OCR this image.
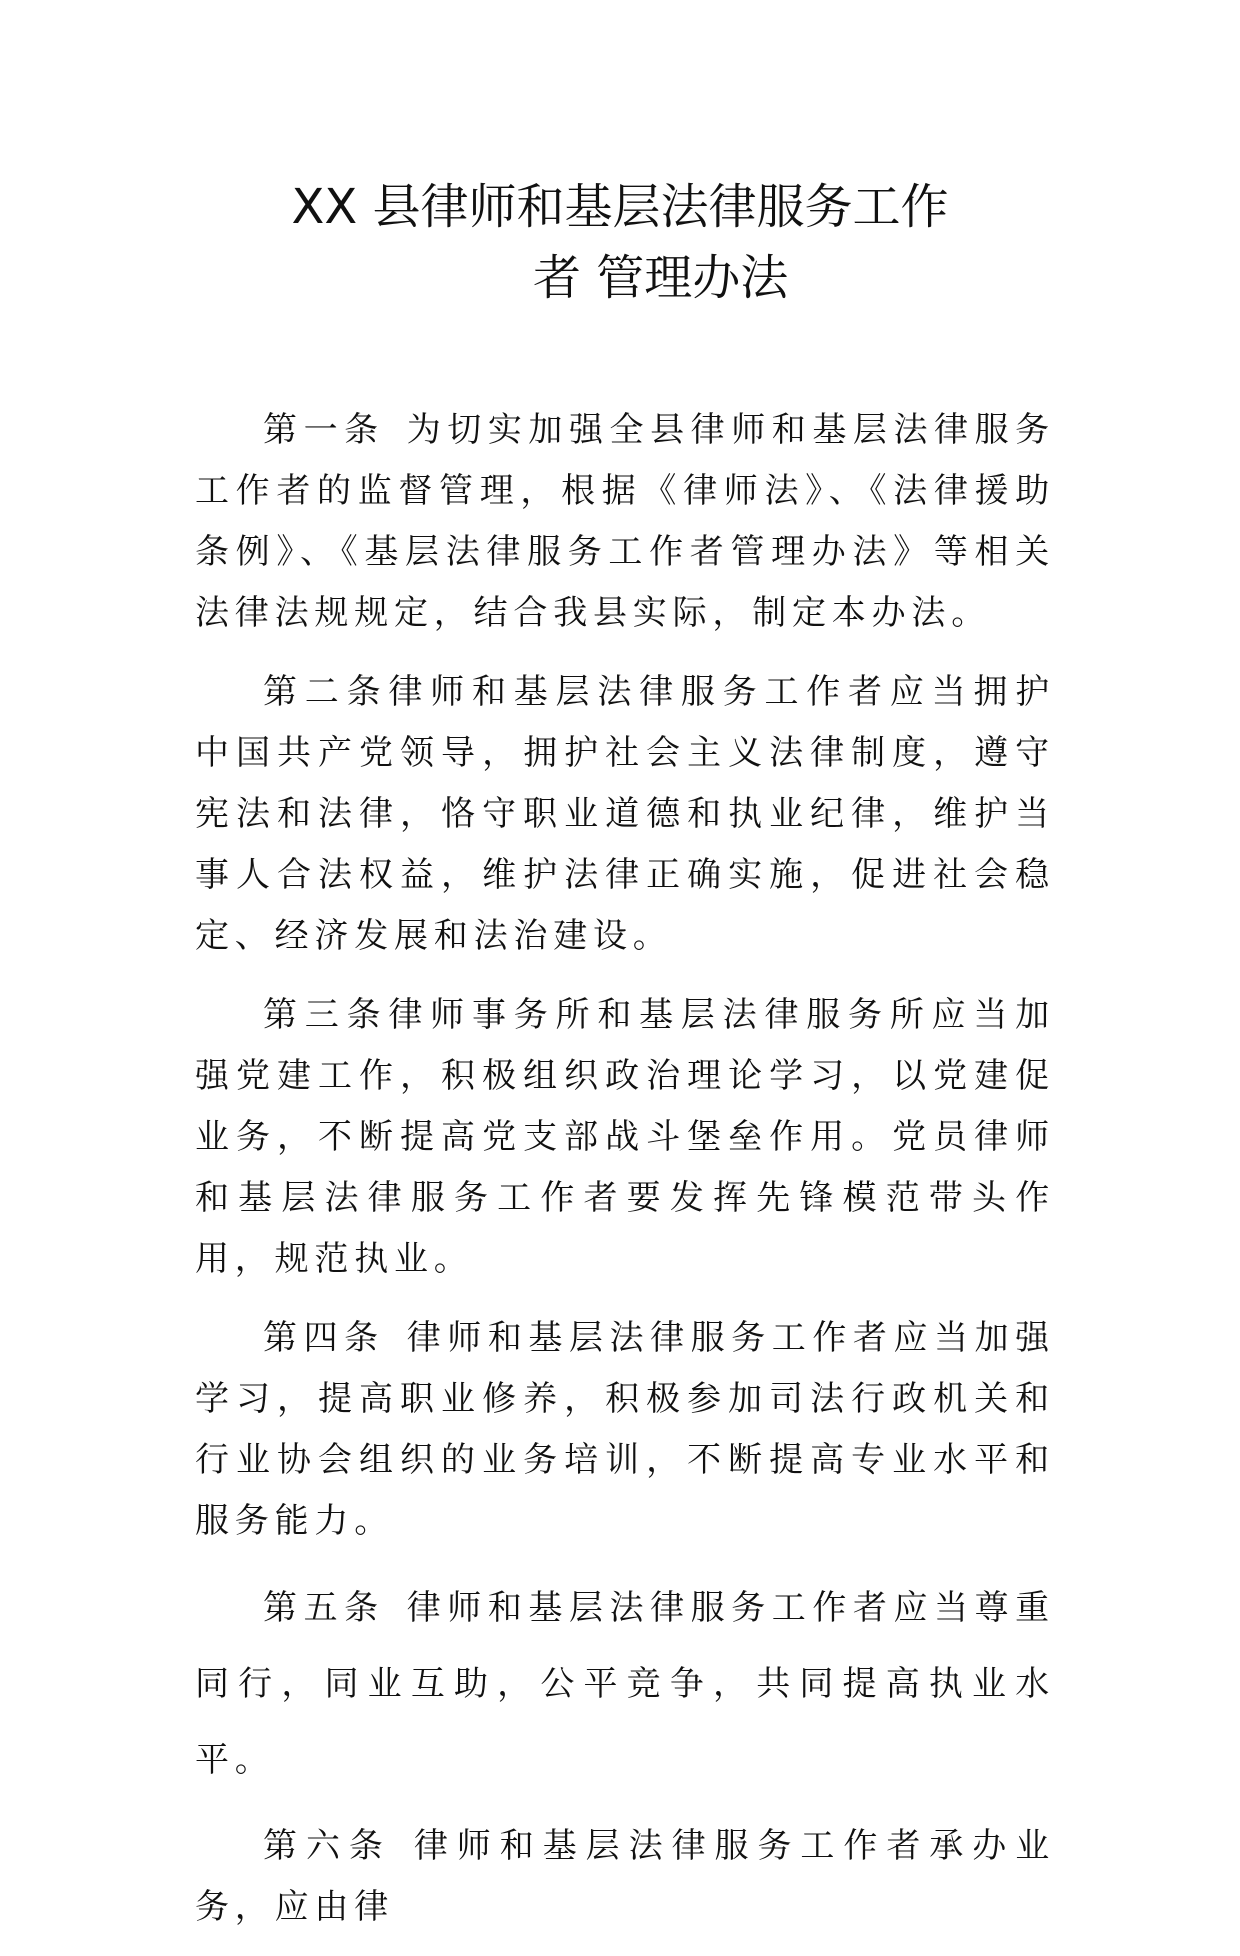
XX 县律师和基层法律服务工作
者 管理办法

第一条 为切实加强全县律师和基层法律服务工作者的监督管理，根据《律师法》、《法律援助条例》、《基层法律服务工作者管理办法》等相关法律法规规定，结合我县实际，制定本办法。

第二条律师和基层法律服务工作者应当拥护中国共产党领导，拥护社会主义法律制度，遵守宪法和法律，恪守职业道德和执业纪律，维护当事人合法权益，维护法律正确实施，促进社会稳定、经济发展和法治建设。

第三条律师事务所和基层法律服务所应当加强党建工作，积极组织政治理论学习，以党建促业务，不断提高党支部战斗堡垒作用。党员律师和基层法律服务工作者要发挥先锋模范带头作用，规范执业。

第四条 律师和基层法律服务工作者应当加强学习，提高职业修养，积极参加司法行政机关和行业协会组织的业务培训，不断提高专业水平和服务能力。

第五条 律师和基层法律服务工作者应当尊重同行，同业互助，公平竞争，共同提高执业水平。

第六条 律师和基层法律服务工作者承办业务，应由律
